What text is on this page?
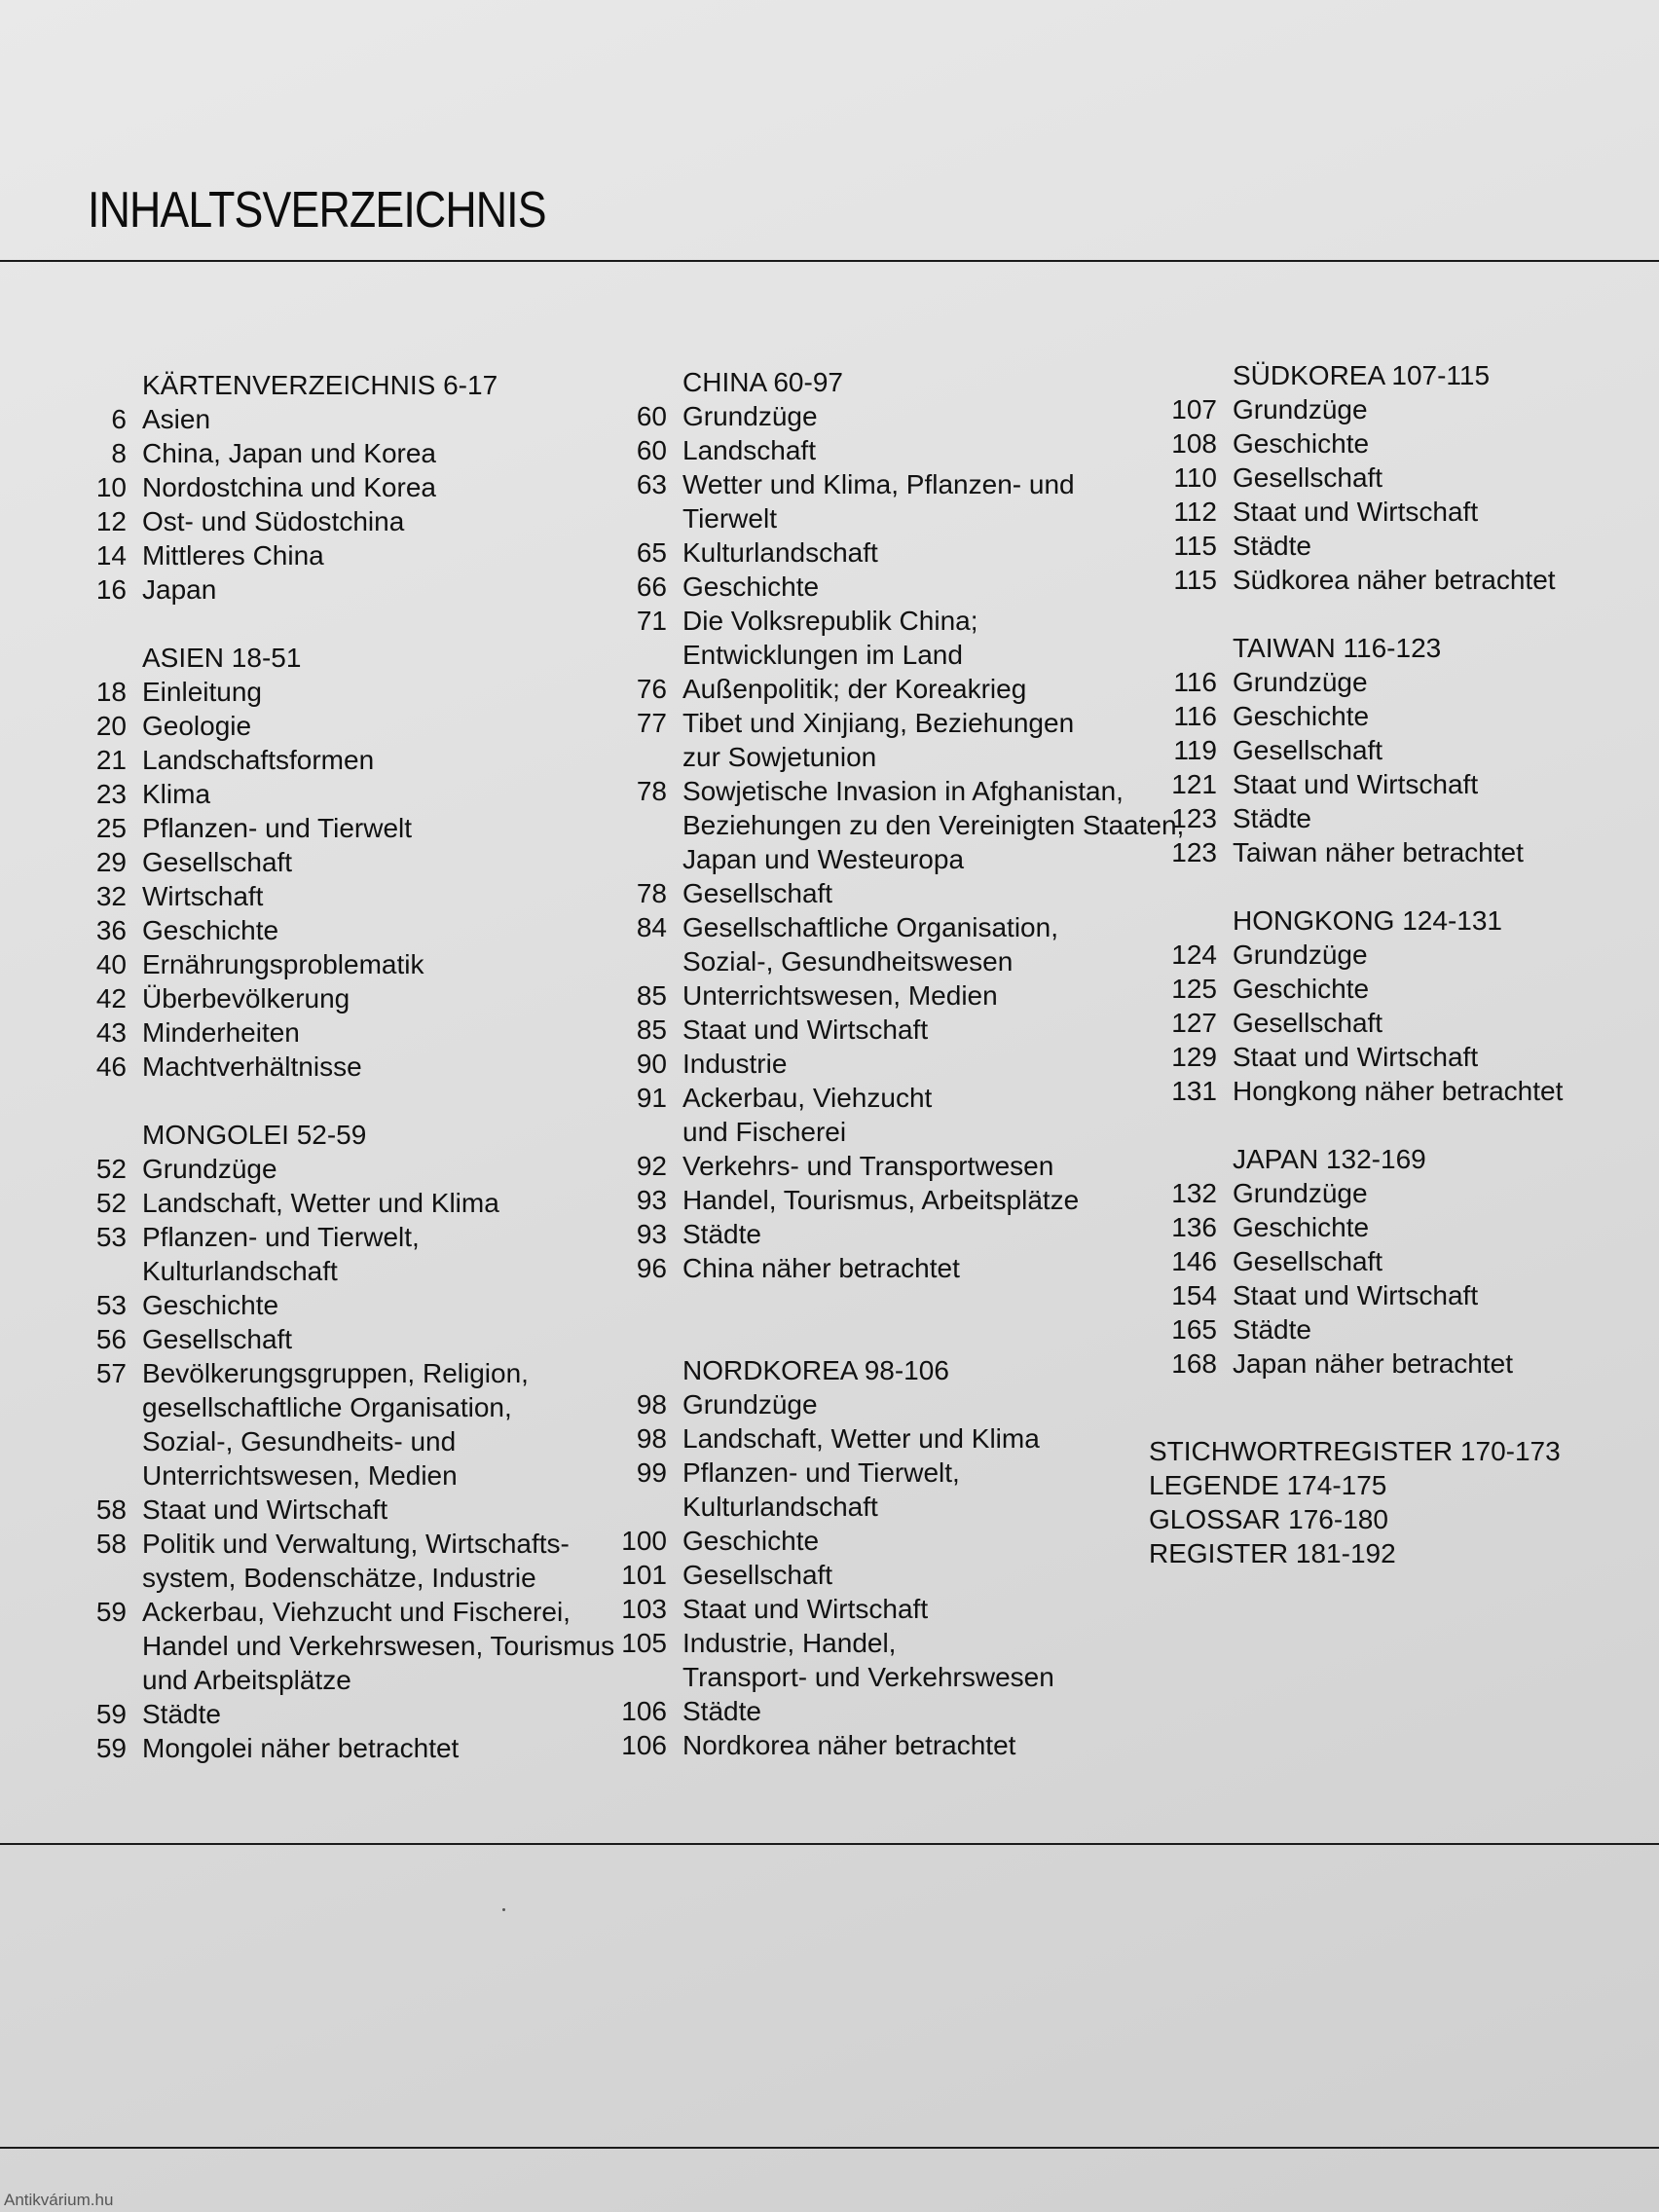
INHALTSVERZEICHNIS
KÄRTENVERZEICHNIS 6-17
6 Asien
8 China, Japan und Korea
10 Nordostchina und Korea
12 Ost- und Südostchina
14 Mittleres China
16 Japan
ASIEN 18-51
18 Einleitung
20 Geologie
21 Landschaftsformen
23 Klima
25 Pflanzen- und Tierwelt
29 Gesellschaft
32 Wirtschaft
36 Geschichte
40 Ernährungsproblematik
42 Überbevölkerung
43 Minderheiten
46 Machtverhältnisse
MONGOLEI 52-59
52 Grundzüge
52 Landschaft, Wetter und Klima
53 Pflanzen- und Tierwelt,
Kulturlandschaft
53 Geschichte
56 Gesellschaft
57 Bevölkerungsgruppen, Religion,
gesellschaftliche Organisation,
Sozial-, Gesundheits- und
Unterrichtswesen, Medien
58 Staat und Wirtschaft
58 Politik und Verwaltung, Wirtschafts-
system, Bodenschätze, Industrie
59 Ackerbau, Viehzucht und Fischerei,
Handel und Verkehrswesen, Tourismus
und Arbeitsplätze
59 Städte
59 Mongolei näher betrachtet
CHINA 60-97
60 Grundzüge
60 Landschaft
63 Wetter und Klima, Pflanzen- und
Tierwelt
65 Kulturlandschaft
66 Geschichte
71 Die Volksrepublik China;
Entwicklungen im Land
76 Außenpolitik; der Koreakrieg
77 Tibet und Xinjiang, Beziehungen
zur Sowjetunion
78 Sowjetische Invasion in Afghanistan,
Beziehungen zu den Vereinigten Staaten,
Japan und Westeuropa
78 Gesellschaft
84 Gesellschaftliche Organisation,
Sozial-, Gesundheitswesen
85 Unterrichtswesen, Medien
85 Staat und Wirtschaft
90 Industrie
91 Ackerbau, Viehzucht
und Fischerei
92 Verkehrs- und Transportwesen
93 Handel, Tourismus, Arbeitsplätze
93 Städte
96 China näher betrachtet
NORDKOREA 98-106
98 Grundzüge
98 Landschaft, Wetter und Klima
99 Pflanzen- und Tierwelt,
Kulturlandschaft
100 Geschichte
101 Gesellschaft
103 Staat und Wirtschaft
105 Industrie, Handel,
Transport- und Verkehrswesen
106 Städte
106 Nordkorea näher betrachtet
SÜDKOREA 107-115
107 Grundzüge
108 Geschichte
110 Gesellschaft
112 Staat und Wirtschaft
115 Städte
115 Südkorea näher betrachtet
TAIWAN 116-123
116 Grundzüge
116 Geschichte
119 Gesellschaft
121 Staat und Wirtschaft
123 Städte
123 Taiwan näher betrachtet
HONGKONG 124-131
124 Grundzüge
125 Geschichte
127 Gesellschaft
129 Staat und Wirtschaft
131 Hongkong näher betrachtet
JAPAN 132-169
132 Grundzüge
136 Geschichte
146 Gesellschaft
154 Staat und Wirtschaft
165 Städte
168 Japan näher betrachtet
STICHWORTREGISTER 170-173
LEGENDE 174-175
GLOSSAR 176-180
REGISTER 181-192
Antikvárium.hu
